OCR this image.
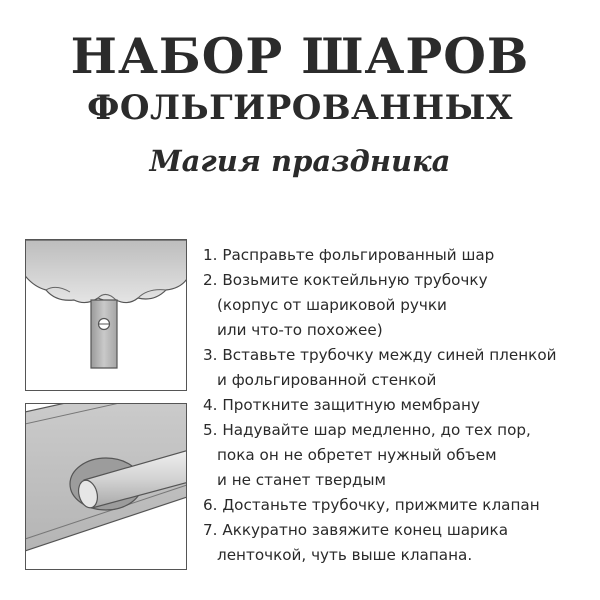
НАБОР ШАРОВ
ФОЛЬГИРОВАННЫХ
Магия праздника
1. Расправьте фольгированный шар
2. Возьмите коктейльную трубочку
(корпус от шариковой ручки
или что-то похожее)
3. Вставьте трубочку между синей пленкой
и фольгированной стенкой
4. Проткните защитную мембрану
5. Надувайте шар медленно, до тех пор,
пока он не обретет нужный объем
и не станет твердым
6. Достаньте трубочку, прижмите клапан
7. Аккуратно завяжите конец шарика
ленточкой, чуть выше клапана.
